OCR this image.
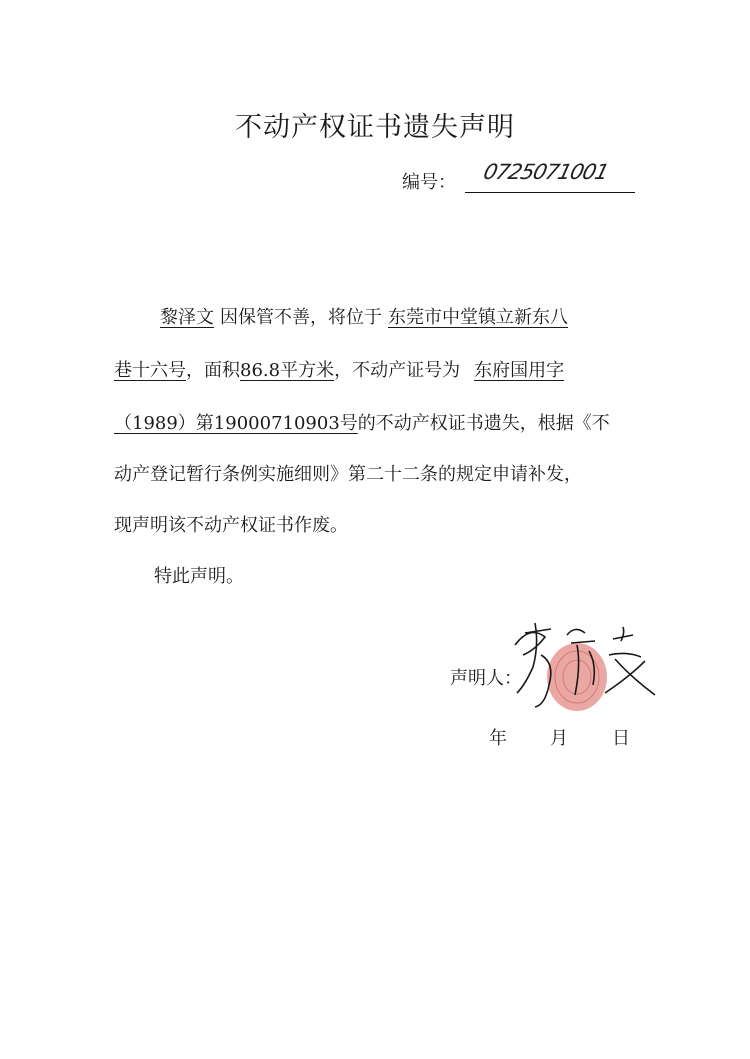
不动产权证书遗失声明
编号： 0725071001
黎泽文 因保管不善，将位于 东莞市中堂镇立新东八
巷十六号，面积86.8平方米，不动产证号为 东府国用字
（1989）第19000710903号的不动产权证书遗失，根据《不
动产登记暂行条例实施细则》第二十二条的规定申请补发，
现声明该不动产权证书作废。
特此声明。
声明人：
年 月 日
